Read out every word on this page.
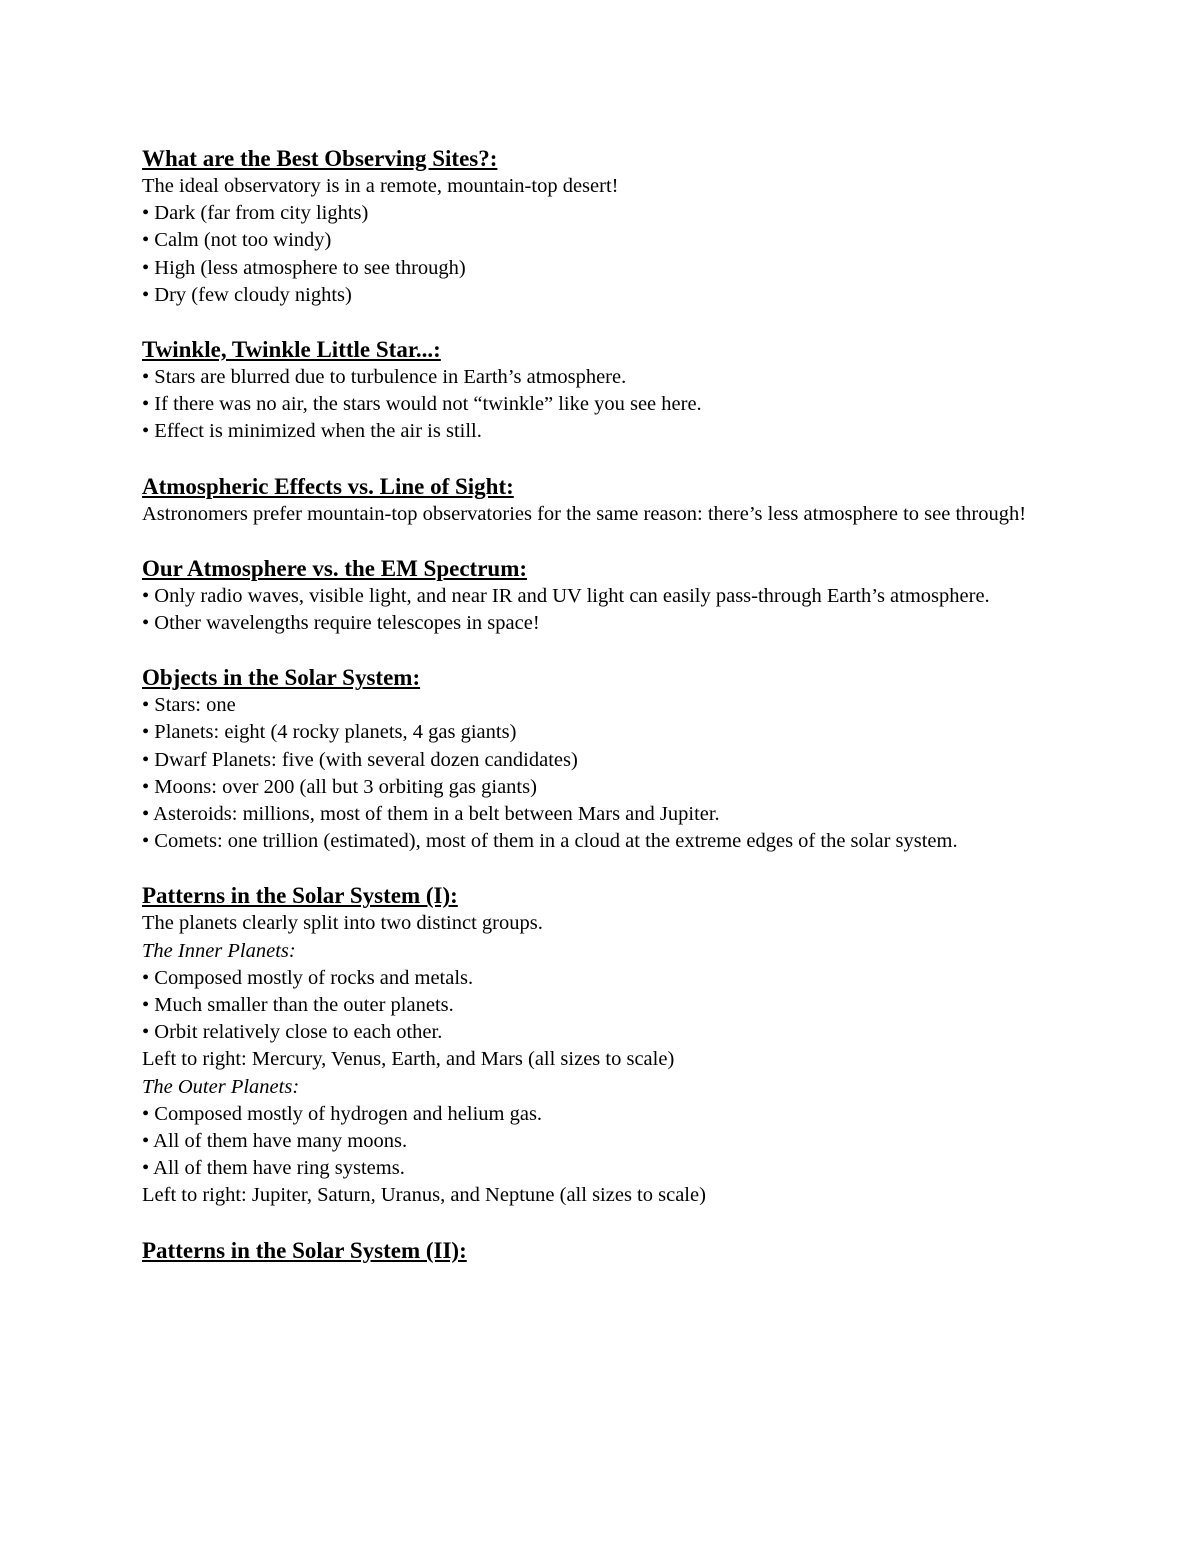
What are the Best Observing Sites?:

The ideal observatory is in a remote, mountain-top desert!

• Dark (far from city lights)

• Calm (not too windy)

• High (less atmosphere to see through)

• Dry (few cloudy nights)

Twinkle, Twinkle Little Star...:

• Stars are blurred due to turbulence in Earth’s atmosphere.

• If there was no air, the stars would not “twinkle” like you see here.

• Effect is minimized when the air is still.

Atmospheric Effects vs. Line of Sight:

Astronomers prefer mountain-top observatories for the same reason: there’s less atmosphere to see through!

Our Atmosphere vs. the EM Spectrum:

• Only radio waves, visible light, and near IR and UV light can easily pass-through Earth’s atmosphere.

• Other wavelengths require telescopes in space!

Objects in the Solar System:

• Stars: one

• Planets: eight (4 rocky planets, 4 gas giants)

• Dwarf Planets: five (with several dozen candidates)

• Moons: over 200 (all but 3 orbiting gas giants)

• Asteroids: millions, most of them in a belt between Mars and Jupiter.

• Comets: one trillion (estimated), most of them in a cloud at the extreme edges of the solar system.

Patterns in the Solar System (I):

The planets clearly split into two distinct groups.

The Inner Planets:

• Composed mostly of rocks and metals.

• Much smaller than the outer planets.

• Orbit relatively close to each other.

Left to right: Mercury, Venus, Earth, and Mars (all sizes to scale)

The Outer Planets:

• Composed mostly of hydrogen and helium gas.

• All of them have many moons.

• All of them have ring systems.

Left to right: Jupiter, Saturn, Uranus, and Neptune (all sizes to scale)

Patterns in the Solar System (II):
